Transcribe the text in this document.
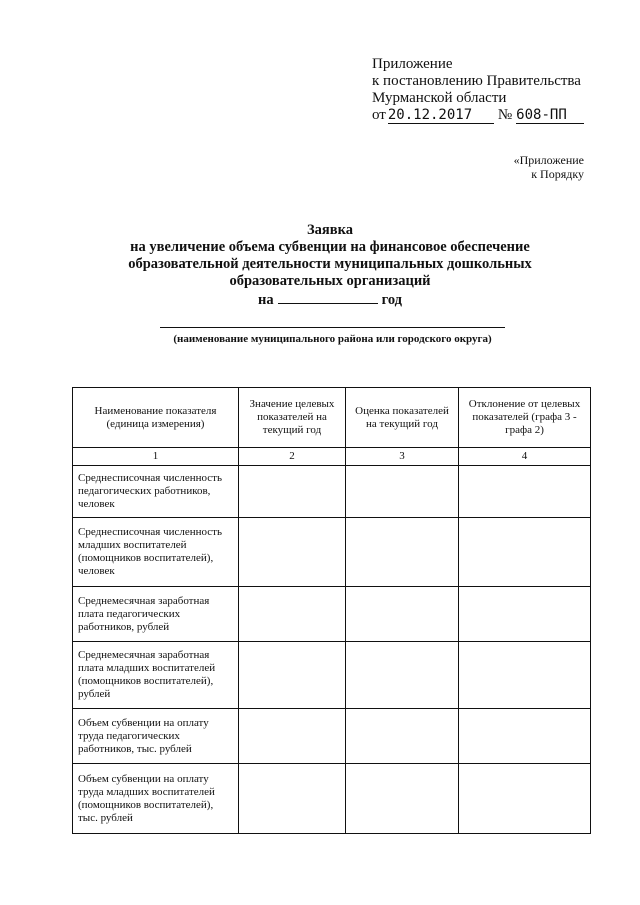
Приложение
к постановлению Правительства
Мурманской области
от 20.12.2017 № 608-ПП
«Приложение
к Порядку
Заявка
на увеличение объема субвенции на финансовое обеспечение
образовательной деятельности муниципальных дошкольных
образовательных организаций
на	год
(наименование муниципального района или городского округа)
Наименование показателя (единица измерения)	Значение целевых показателей на текущий год	Оценка показателей на текущий год	Отклонение от целевых показателей (графа 3 - графа 2)
1	2	3	4
Среднесписочная численность педагогических работников, человек			
Среднесписочная численность младших воспитателей (помощников воспитателей), человек			
Среднемесячная заработная плата педагогических работников, рублей			
Среднемесячная заработная плата младших воспитателей (помощников воспитателей), рублей			
Объем субвенции на оплату труда педагогических работников, тыс. рублей			
Объем субвенции на оплату труда младших воспитателей (помощников воспитателей), тыс. рублей			
